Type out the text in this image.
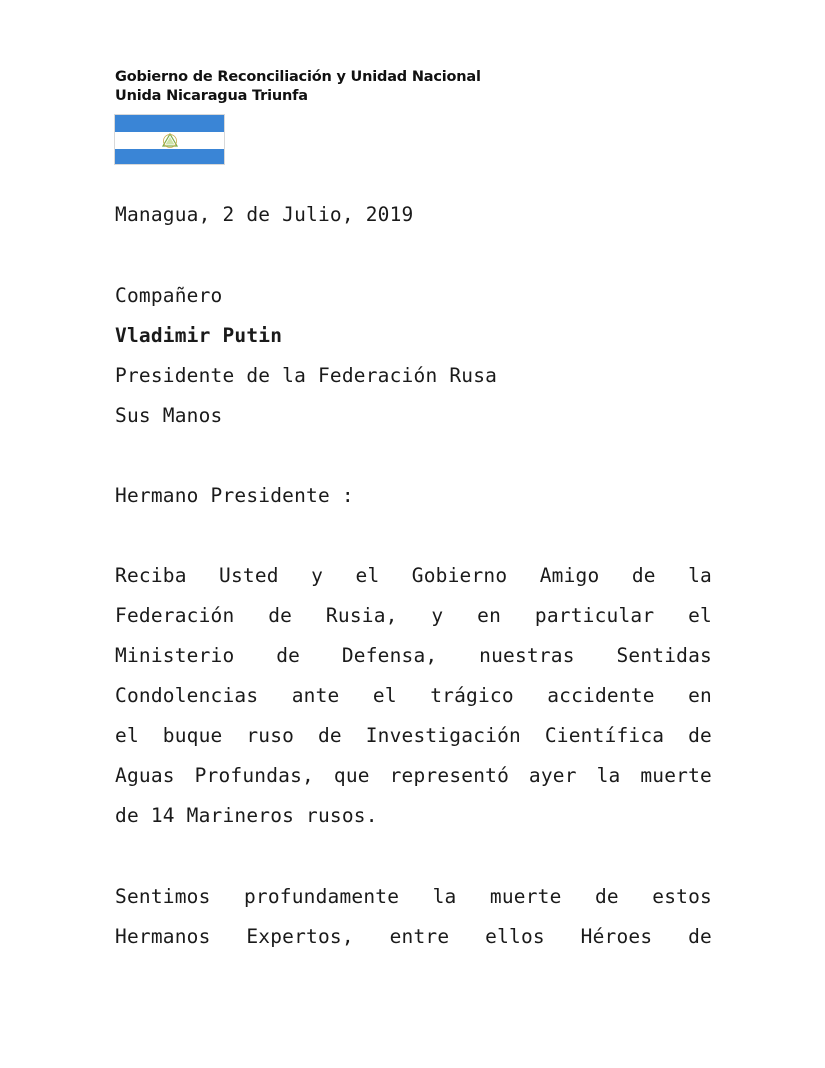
Gobierno de Reconciliación y Unidad Nacional
Unida Nicaragua Triunfa
Managua, 2 de Julio, 2019
Compañero
Vladimir Putin
Presidente de la Federación Rusa
Sus Manos
Hermano Presidente :
Reciba Usted y el Gobierno Amigo de la
Federación de Rusia, y en particular el
Ministerio de Defensa, nuestras Sentidas
Condolencias ante el trágico accidente en
el buque ruso de Investigación Científica de
Aguas Profundas, que representó ayer la muerte
de 14 Marineros rusos.
Sentimos profundamente la muerte de estos
Hermanos Expertos, entre ellos Héroes de
